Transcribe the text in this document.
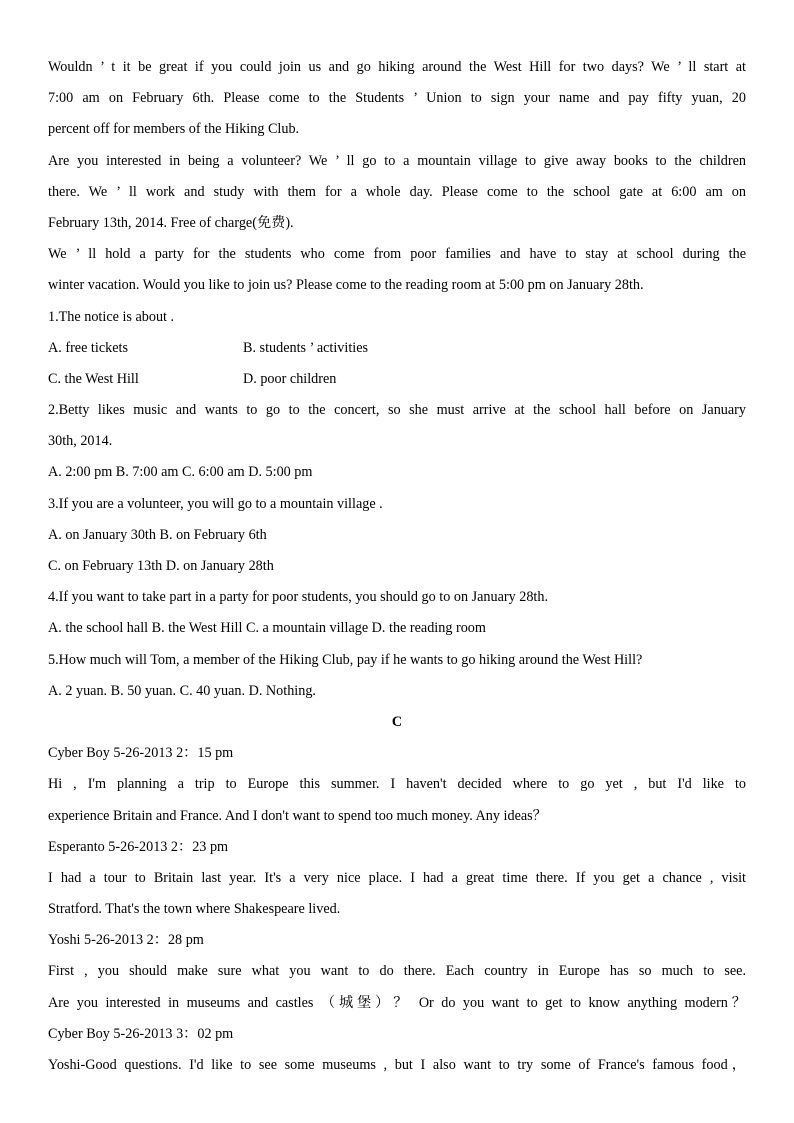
Wouldn ’ t it be great if you could join us and go hiking around the West Hill for two days? We ’ ll start at
7:00 am on February 6th. Please come to the Students ’ Union to sign your name and pay fifty yuan, 20
percent off for members of the Hiking Club.
Are you interested in being a volunteer? We ’ ll go to a mountain village to give away books to the children
there. We ’ ll work and study with them for a whole day. Please come to the school gate at 6:00 am on
February 13th, 2014. Free of charge(免费).
We ’ ll hold a party for the students who come from poor families and have to stay at school during the
winter vacation. Would you like to join us? Please come to the reading room at 5:00 pm on January 28th.
1.The notice is about .
A. free tickets	B. students ’ activities
C. the West Hill	D. poor children
2.Betty likes music and wants to go to the concert, so she must arrive at the school hall before on January
30th, 2014.
A. 2:00 pm B. 7:00 am C. 6:00 am D. 5:00 pm
3.If you are a volunteer, you will go to a mountain village .
A. on January 30th B. on February 6th
C. on February 13th D. on January 28th
4.If you want to take part in a party for poor students, you should go to on January 28th.
A. the school hall B. the West Hill C. a mountain village D. the reading room
5.How much will Tom, a member of the Hiking Club, pay if he wants to go hiking around the West Hill?
A. 2 yuan. B. 50 yuan. C. 40 yuan. D. Nothing.
C
Cyber Boy 5-26-2013 2：15 pm
Hi , I'm planning a trip to Europe this summer. I haven't decided where to go yet , but I'd like to
experience Britain and France. And I don't want to spend too much money. Any ideas？
Esperanto 5-26-2013 2：23 pm
I had a tour to Britain last year. It's a very nice place. I had a great time there. If you get a chance , visit
Stratford. That's the town where Shakespeare lived.
Yoshi 5-26-2013 2：28 pm
First , you should make sure what you want to do there. Each country in Europe has so much to see.
Are you interested in museums and castles （城堡）？ Or do you want to get to know anything modern？
Cyber Boy 5-26-2013 3：02 pm
Yoshi-Good questions. I'd like to see some museums , but I also want to try some of France's famous food，
